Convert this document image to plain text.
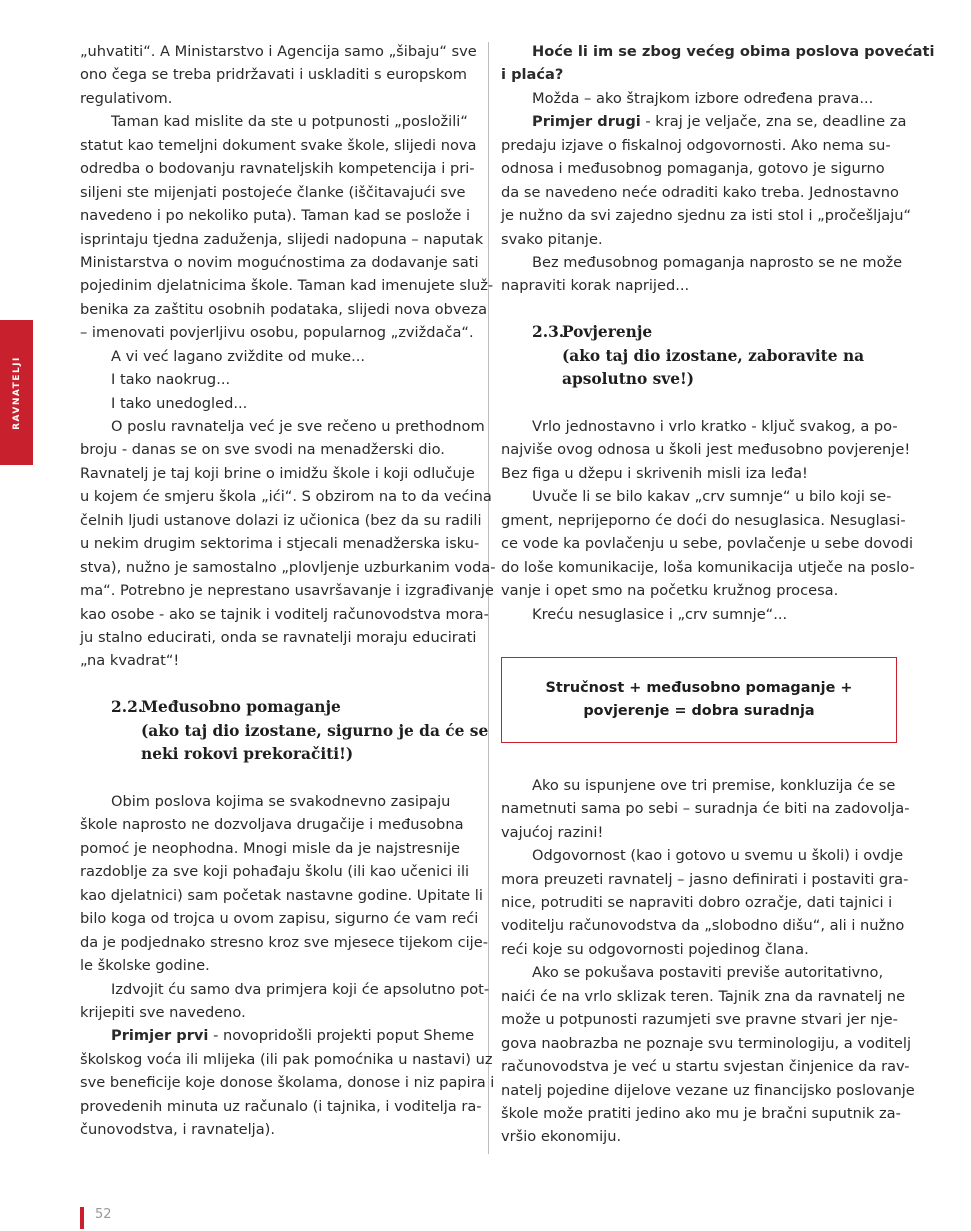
RAVNATELJI
„uhvatiti“. A Ministarstvo i Agencija samo „šibaju“ sve
ono čega se treba pridržavati i uskladiti s europskom
regulativom.
Taman kad mislite da ste u potpunosti „posložili“
statut kao temeljni dokument svake škole, slijedi nova
odredba o bodovanju ravnateljskih kompetencija i pri-
siljeni ste mijenjati postojeće članke (iščitavajući sve
navedeno i po nekoliko puta). Taman kad se poslože i
isprintaju tjedna zaduženja, slijedi nadopuna – naputak
Ministarstva o novim mogućnostima za dodavanje sati
pojedinim djelatnicima škole. Taman kad imenujete služ-
benika za zaštitu osobnih podataka, slijedi nova obveza
– imenovati povjerljivu osobu, popularnog „zviždača“.
A vi već lagano zviždite od muke...
I tako naokrug...
I tako unedogled...
O poslu ravnatelja već je sve rečeno u prethodnom
broju - danas se on sve svodi na menadžerski dio.
Ravnatelj je taj koji brine o imidžu škole i koji odlučuje
u kojem će smjeru škola „ići“. S obzirom na to da većina
čelnih ljudi ustanove dolazi iz učionica (bez da su radili
u nekim drugim sektorima i stjecali menadžerska isku-
stva), nužno je samostalno „plovljenje uzburkanim voda-
ma“. Potrebno je neprestano usavršavanje i izgrađivanje
kao osobe - ako se tajnik i voditelj računovodstva mora-
ju stalno educirati, onda se ravnatelji moraju educirati
„na kvadrat“!
2.2.Međusobno pomaganje
(ako taj dio izostane, sigurno je da će se
neki rokovi prekoračiti!)
Obim poslova kojima se svakodnevno zasipaju
škole naprosto ne dozvoljava drugačije i međusobna
pomoć je neophodna. Mnogi misle da je najstresnije
razdoblje za sve koji pohađaju školu (ili kao učenici ili
kao djelatnici) sam početak nastavne godine. Upitate li
bilo koga od trojca u ovom zapisu, sigurno će vam reći
da je podjednako stresno kroz sve mjesece tijekom cije-
le školske godine.
Izdvojit ću samo dva primjera koji će apsolutno pot-
krijepiti sve navedeno.
Primjer prvi - novopridošli projekti poput Sheme
školskog voća ili mlijeka (ili pak pomoćnika u nastavi) uz
sve beneficije koje donose školama, donose i niz papira i
provedenih minuta uz računalo (i tajnika, i voditelja ra-
čunovodstva, i ravnatelja).
Hoće li im se zbog većeg obima poslova povećati
i plaća?
Možda – ako štrajkom izbore određena prava...
Primjer drugi - kraj je veljače, zna se, deadline za
predaju izjave o fiskalnoj odgovornosti. Ako nema su-
odnosa i međusobnog pomaganja, gotovo je sigurno
da se navedeno neće odraditi kako treba. Jednostavno
je nužno da svi zajedno sjednu za isti stol i „pročešljaju“
svako pitanje.
Bez međusobnog pomaganja naprosto se ne može
napraviti korak naprijed...
2.3.Povjerenje
(ako taj dio izostane, zaboravite na
apsolutno sve!)
Vrlo jednostavno i vrlo kratko - ključ svakog, a po-
najviše ovog odnosa u školi jest međusobno povjerenje!
Bez figa u džepu i skrivenih misli iza leđa!
Uvuče li se bilo kakav „crv sumnje“ u bilo koji se-
gment, neprijeporno će doći do nesuglasica. Nesuglasi-
ce vode ka povlačenju u sebe, povlačenje u sebe dovodi
do loše komunikacije, loša komunikacija utječe na poslo-
vanje i opet smo na početku kružnog procesa.
Kreću nesuglasice i „crv sumnje“...
Stručnost + međusobno pomaganje +
povjerenje = dobra suradnja
Ako su ispunjene ove tri premise, konkluzija će se
nametnuti sama po sebi – suradnja će biti na zadovolja-
vajućoj razini!
Odgovornost (kao i gotovo u svemu u školi) i ovdje
mora preuzeti ravnatelj – jasno definirati i postaviti gra-
nice, potruditi se napraviti dobro ozračje, dati tajnici i
voditelju računovodstva da „slobodno dišu“, ali i nužno
reći koje su odgovornosti pojedinog člana.
Ako se pokušava postaviti previše autoritativno,
naići će na vrlo sklizak teren. Tajnik zna da ravnatelj ne
može u potpunosti razumjeti sve pravne stvari jer nje-
gova naobrazba ne poznaje svu terminologiju, a voditelj
računovodstva je već u startu svjestan činjenice da rav-
natelj pojedine dijelove vezane uz financijsko poslovanje
škole može pratiti jedino ako mu je bračni suputnik za-
vršio ekonomiju.
52
